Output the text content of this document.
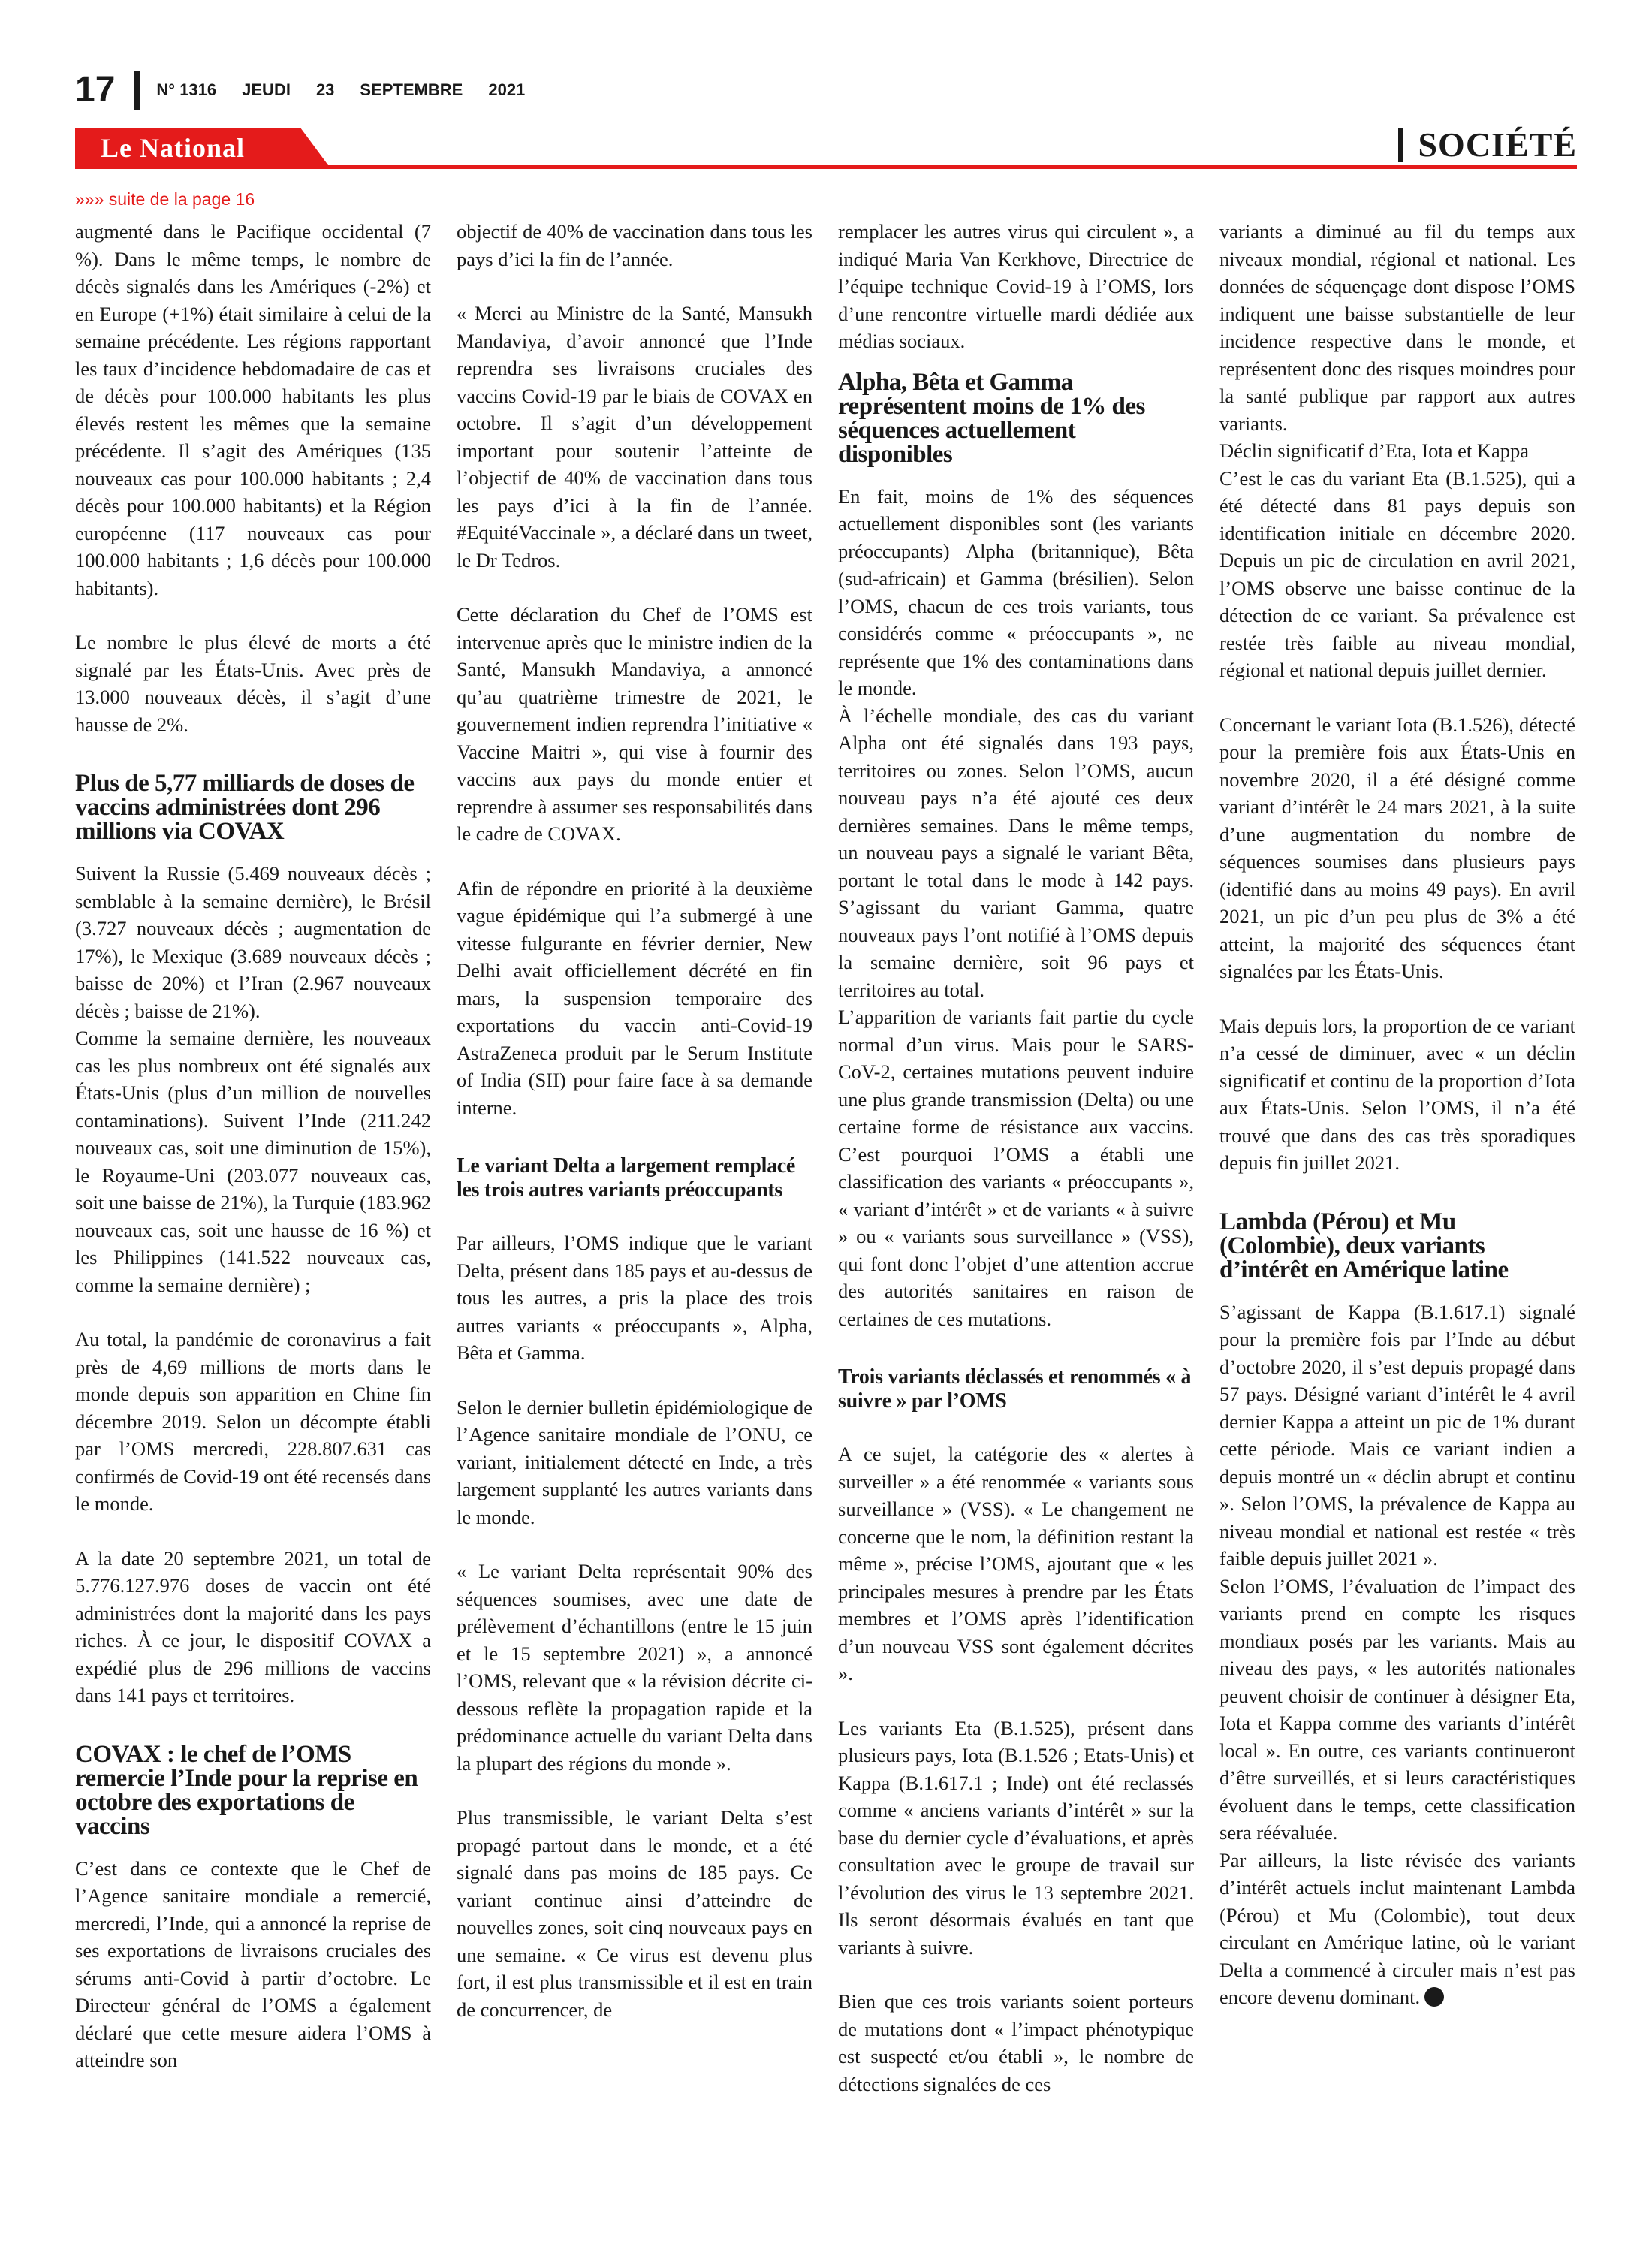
17	N° 1316 JEUDI 23 SEPTEMBRE 2021
Le National	SOCIÉTÉ
»»» suite de la page 16

augmenté dans le Pacifique occidental (7 %). Dans le même temps, le nombre de décès signalés dans les Amériques (-2%) et en Europe (+1%) était similaire à celui de la semaine précédente. Les régions rapportant les taux d’incidence hebdomadaire de cas et de décès pour 100.000 habitants les plus élevés restent les mêmes que la semaine précédente. Il s’agit des Amériques (135 nouveaux cas pour 100.000 habitants ; 2,4 décès pour 100.000 habitants) et la Région européenne (117 nouveaux cas pour 100.000 habitants ; 1,6 décès pour 100.000 habitants).

Le nombre le plus élevé de morts a été signalé par les États-Unis. Avec près de 13.000 nouveaux décès, il s’agit d’une hausse de 2%.

Plus de 5,77 milliards de doses de vaccins administrées dont 296 millions via COVAX

Suivent la Russie (5.469 nouveaux décès ; semblable à la semaine dernière), le Brésil (3.727 nouveaux décès ; augmentation de 17%), le Mexique (3.689 nouveaux décès ; baisse de 20%) et l’Iran (2.967 nouveaux décès ; baisse de 21%).

Comme la semaine dernière, les nouveaux cas les plus nombreux ont été signalés aux États-Unis (plus d’un million de nouvelles contaminations). Suivent l’Inde (211.242 nouveaux cas, soit une diminution de 15%), le Royaume-Uni (203.077 nouveaux cas, soit une baisse de 21%), la Turquie (183.962 nouveaux cas, soit une hausse de 16 %) et les Philippines (141.522 nouveaux cas, comme la semaine dernière) ;

Au total, la pandémie de coronavirus a fait près de 4,69 millions de morts dans le monde depuis son apparition en Chine fin décembre 2019. Selon un décompte établi par l’OMS mercredi, 228.807.631 cas confirmés de Covid-19 ont été recensés dans le monde.

A la date 20 septembre 2021, un total de 5.776.127.976 doses de vaccin ont été administrées dont la majorité dans les pays riches. À ce jour, le dispositif COVAX a expédié plus de 296 millions de vaccins dans 141 pays et territoires.

COVAX : le chef de l’OMS remercie l’Inde pour la reprise en octobre des exportations de vaccins

C’est dans ce contexte que le Chef de l’Agence sanitaire mondiale a remercié, mercredi, l’Inde, qui a annoncé la reprise de ses exportations de livraisons cruciales des sérums anti-Covid à partir d’octobre. Le Directeur général de l’OMS a également déclaré que cette mesure aidera l’OMS à atteindre son

objectif de 40% de vaccination dans tous les pays d’ici la fin de l’année.

« Merci au Ministre de la Santé, Mansukh Mandaviya, d’avoir annoncé que l’Inde reprendra ses livraisons cruciales des vaccins Covid-19 par le biais de COVAX en octobre. Il s’agit d’un développement important pour soutenir l’atteinte de l’objectif de 40% de vaccination dans tous les pays d’ici à la fin de l’année. #EquitéVaccinale », a déclaré dans un tweet, le Dr Tedros.

Cette déclaration du Chef de l’OMS est intervenue après que le ministre indien de la Santé, Mansukh Mandaviya, a annoncé qu’au quatrième trimestre de 2021, le gouvernement indien reprendra l’initiative « Vaccine Maitri », qui vise à fournir des vaccins aux pays du monde entier et reprendre à assumer ses responsabilités dans le cadre de COVAX.

Afin de répondre en priorité à la deuxième vague épidémique qui l’a submergé à une vitesse fulgurante en février dernier, New Delhi avait officiellement décrété en fin mars, la suspension temporaire des exportations du vaccin anti-Covid-19 AstraZeneca produit par le Serum Institute of India (SII) pour faire face à sa demande interne.

Le variant Delta a largement remplacé les trois autres variants préoccupants

Par ailleurs, l’OMS indique que le variant Delta, présent dans 185 pays et au-dessus de tous les autres, a pris la place des trois autres variants « préoccupants », Alpha, Bêta et Gamma.

Selon le dernier bulletin épidémiologique de l’Agence sanitaire mondiale de l’ONU, ce variant, initialement détecté en Inde, a très largement supplanté les autres variants dans le monde.

« Le variant Delta représentait 90% des séquences soumises, avec une date de prélèvement d’échantillons (entre le 15 juin et le 15 septembre 2021) », a annoncé l’OMS, relevant que « la révision décrite ci-dessous reflète la propagation rapide et la prédominance actuelle du variant Delta dans la plupart des régions du monde ».

Plus transmissible, le variant Delta s’est propagé partout dans le monde, et a été signalé dans pas moins de 185 pays. Ce variant continue ainsi d’atteindre de nouvelles zones, soit cinq nouveaux pays en une semaine. « Ce virus est devenu plus fort, il est plus transmissible et il est en train de concurrencer, de

remplacer les autres virus qui circulent », a indiqué Maria Van Kerkhove, Directrice de l’équipe technique Covid-19 à l’OMS, lors d’une rencontre virtuelle mardi dédiée aux médias sociaux.

Alpha, Bêta et Gamma représentent moins de 1% des séquences actuellement disponibles

En fait, moins de 1% des séquences actuellement disponibles sont (les variants préoccupants) Alpha (britannique), Bêta (sud-africain) et Gamma (brésilien). Selon l’OMS, chacun de ces trois variants, tous considérés comme « préoccupants », ne représente que 1% des contaminations dans le monde.

À l’échelle mondiale, des cas du variant Alpha ont été signalés dans 193 pays, territoires ou zones. Selon l’OMS, aucun nouveau pays n’a été ajouté ces deux dernières semaines. Dans le même temps, un nouveau pays a signalé le variant Bêta, portant le total dans le mode à 142 pays. S’agissant du variant Gamma, quatre nouveaux pays l’ont notifié à l’OMS depuis la semaine dernière, soit 96 pays et territoires au total.

L’apparition de variants fait partie du cycle normal d’un virus. Mais pour le SARS-CoV-2, certaines mutations peuvent induire une plus grande transmission (Delta) ou une certaine forme de résistance aux vaccins. C’est pourquoi l’OMS a établi une classification des variants « préoccupants », « variant d’intérêt » et de variants « à suivre » ou « variants sous surveillance » (VSS), qui font donc l’objet d’une attention accrue des autorités sanitaires en raison de certaines de ces mutations.

Trois variants déclassés et renommés « à suivre » par l’OMS

A ce sujet, la catégorie des « alertes à surveiller » a été renommée « variants sous surveillance » (VSS). « Le changement ne concerne que le nom, la définition restant la même », précise l’OMS, ajoutant que « les principales mesures à prendre par les États membres et l’OMS après l’identification d’un nouveau VSS sont également décrites ».

Les variants Eta (B.1.525), présent dans plusieurs pays, Iota (B.1.526 ; Etats-Unis) et Kappa (B.1.617.1 ; Inde) ont été reclassés comme « anciens variants d’intérêt » sur la base du dernier cycle d’évaluations, et après consultation avec le groupe de travail sur l’évolution des virus le 13 septembre 2021. Ils seront désormais évalués en tant que variants à suivre.

Bien que ces trois variants soient porteurs de mutations dont « l’impact phénotypique est suspecté et/ou établi », le nombre de détections signalées de ces

variants a diminué au fil du temps aux niveaux mondial, régional et national. Les données de séquençage dont dispose l’OMS indiquent une baisse substantielle de leur incidence respective dans le monde, et représentent donc des risques moindres pour la santé publique par rapport aux autres variants.

Déclin significatif d’Eta, Iota et Kappa

C’est le cas du variant Eta (B.1.525), qui a été détecté dans 81 pays depuis son identification initiale en décembre 2020. Depuis un pic de circulation en avril 2021, l’OMS observe une baisse continue de la détection de ce variant. Sa prévalence est restée très faible au niveau mondial, régional et national depuis juillet dernier.

Concernant le variant Iota (B.1.526), détecté pour la première fois aux États-Unis en novembre 2020, il a été désigné comme variant d’intérêt le 24 mars 2021, à la suite d’une augmentation du nombre de séquences soumises dans plusieurs pays (identifié dans au moins 49 pays). En avril 2021, un pic d’un peu plus de 3% a été atteint, la majorité des séquences étant signalées par les États-Unis.

Mais depuis lors, la proportion de ce variant n’a cessé de diminuer, avec « un déclin significatif et continu de la proportion d’Iota aux États-Unis. Selon l’OMS, il n’a été trouvé que dans des cas très sporadiques depuis fin juillet 2021.

Lambda (Pérou) et Mu (Colombie), deux variants d’intérêt en Amérique latine

S’agissant de Kappa (B.1.617.1) signalé pour la première fois par l’Inde au début d’octobre 2020, il s’est depuis propagé dans 57 pays. Désigné variant d’intérêt le 4 avril dernier Kappa a atteint un pic de 1% durant cette période. Mais ce variant indien a depuis montré un « déclin abrupt et continu ». Selon l’OMS, la prévalence de Kappa au niveau mondial et national est restée « très faible depuis juillet 2021 ».

Selon l’OMS, l’évaluation de l’impact des variants prend en compte les risques mondiaux posés par les variants. Mais au niveau des pays, « les autorités nationales peuvent choisir de continuer à désigner Eta, Iota et Kappa comme des variants d’intérêt local ». En outre, ces variants continueront d’être surveillés, et si leurs caractéristiques évoluent dans le temps, cette classification sera réévaluée.

Par ailleurs, la liste révisée des variants d’intérêt actuels inclut maintenant Lambda (Pérou) et Mu (Colombie), tout deux circulant en Amérique latine, où le variant Delta a commencé à circuler mais n’est pas encore devenu dominant.
